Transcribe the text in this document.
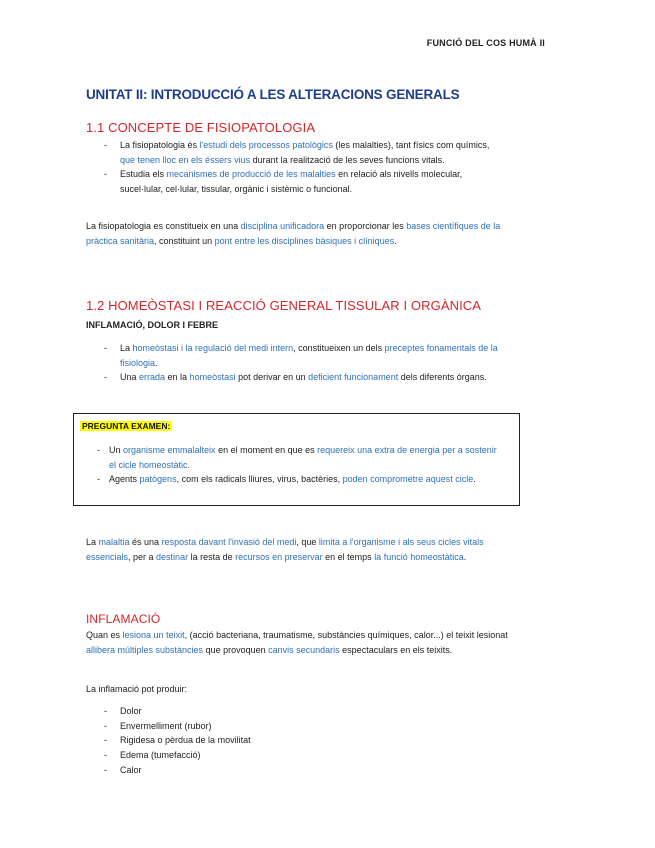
FUNCIÓ DEL COS HUMÀ II
UNITAT II: INTRODUCCIÓ A LES ALTERACIONS GENERALS
1.1 CONCEPTE DE FISIOPATOLOGIA
- La fisiopatologia és l'estudi dels processos patològics (les malalties), tant físics com químics, que tenen lloc en els éssers vius durant la realització de les seves funcions vitals.
- Estudia els mecanismes de producció de les malalties en relació als nivells molecular, sucel·lular, cel·lular, tissular, orgànic i sistèmic o funcional.
La fisiopatologia es constitueix en una disciplina unificadora en proporcionar les bases científiques de la pràctica sanitària, constituint un pont entre les disciplines bàsiques i clíniques.
1.2 HOMEÒSTASI I REACCIÓ GENERAL TISSULAR I ORGÀNICA
INFLAMACIÓ, DOLOR I FEBRE
- La homeòstasi i la regulació del medi intern, constitueixen un dels preceptes fonamentals de la fisiologia.
- Una errada en la homeòstasi pot derivar en un deficient funcionament dels diferents òrgans.
PREGUNTA EXAMEN:
- Un organisme emmalalteix en el moment en que es requereix una extra de energia per a sostenir el cicle homeostàtic.
- Agents patògens, com els radicals lliures, virus, bactèries, poden comprometre aquest cicle.
La malaltia és una resposta davant l'invasió del medi, que limita a l'organisme i als seus cicles vitals essencials, per a destinar la resta de recursos en preservar en el temps la funció homeostàtica.
INFLAMACIÓ
Quan es lesiona un teixit, (acció bacteriana, traumatisme, substàncies químiques, calor...) el teixit lesionat allibera múltiples substàncies que provoquen canvis secundaris espectaculars en els teixits.
La inflamació pot produir:
- Dolor
- Envermelliment (rubor)
- Rigidesa o pèrdua de la movilitat
- Edema (tumefacció)
- Calor
